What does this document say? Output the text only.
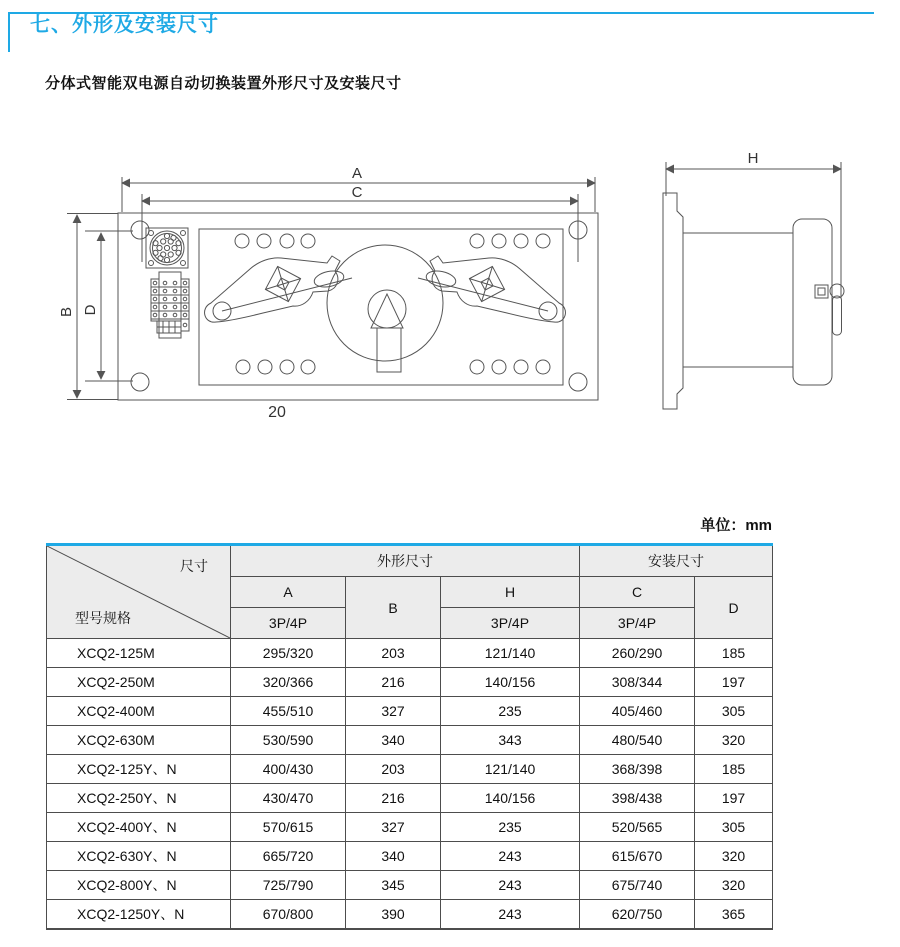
七、外形及安装尺寸
分体式智能双电源自动切换装置外形尺寸及安装尺寸
A
C
B D
20
H
单位：mm
尺寸
型号规格	外形尺寸			安装尺寸	
	A	B	H	C	D
	3P/4P		3P/4P	3P/4P	
XCQ2-125M	295/320	203	121/140	260/290	185
XCQ2-250M	320/366	216	140/156	308/344	197
XCQ2-400M	455/510	327	235	405/460	305
XCQ2-630M	530/590	340	343	480/540	320
XCQ2-125Y、N	400/430	203	121/140	368/398	185
XCQ2-250Y、N	430/470	216	140/156	398/438	197
XCQ2-400Y、N	570/615	327	235	520/565	305
XCQ2-630Y、N	665/720	340	243	615/670	320
XCQ2-800Y、N	725/790	345	243	675/740	320
XCQ2-1250Y、N	670/800	390	243	620/750	365
